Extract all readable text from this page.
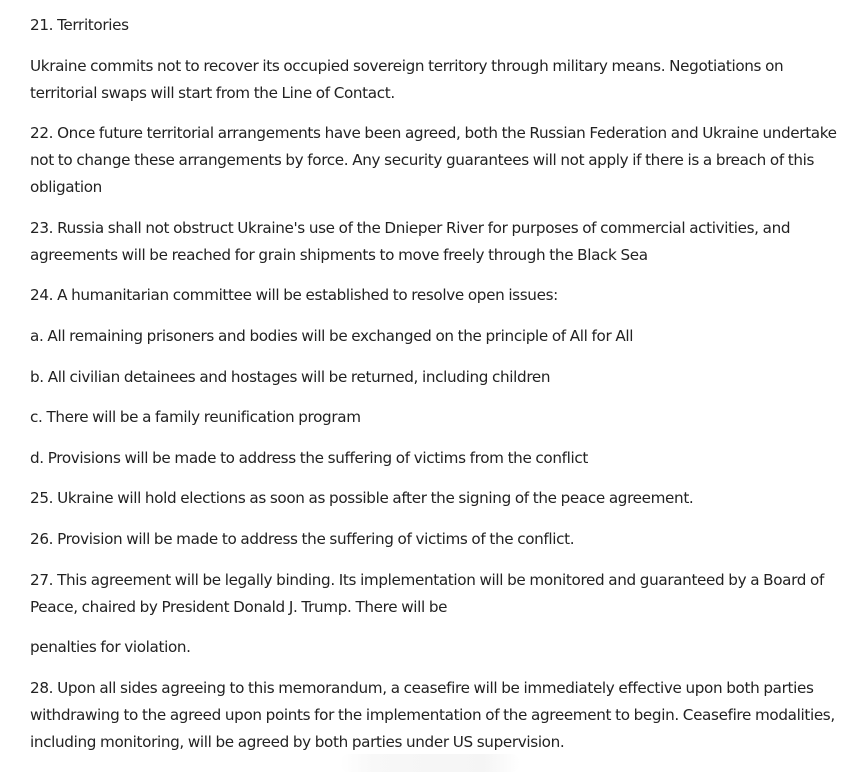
21. Territories

Ukraine commits not to recover its occupied sovereign territory through military means. Negotiations on territorial swaps will start from the Line of Contact.

22. Once future territorial arrangements have been agreed, both the Russian Federation and Ukraine undertake not to change these arrangements by force. Any security guarantees will not apply if there is a breach of this obligation

23. Russia shall not obstruct Ukraine's use of the Dnieper River for purposes of commercial activities, and agreements will be reached for grain shipments to move freely through the Black Sea

24. A humanitarian committee will be established to resolve open issues:

a. All remaining prisoners and bodies will be exchanged on the principle of All for All

b. All civilian detainees and hostages will be returned, including children

c. There will be a family reunification program

d. Provisions will be made to address the suffering of victims from the conflict

25. Ukraine will hold elections as soon as possible after the signing of the peace agreement.

26. Provision will be made to address the suffering of victims of the conflict.

27. This agreement will be legally binding. Its implementation will be monitored and guaranteed by a Board of Peace, chaired by President Donald J. Trump. There will be

penalties for violation.

28. Upon all sides agreeing to this memorandum, a ceasefire will be immediately effective upon both parties withdrawing to the agreed upon points for the implementation of the agreement to begin. Ceasefire modalities, including monitoring, will be agreed by both parties under US supervision.
